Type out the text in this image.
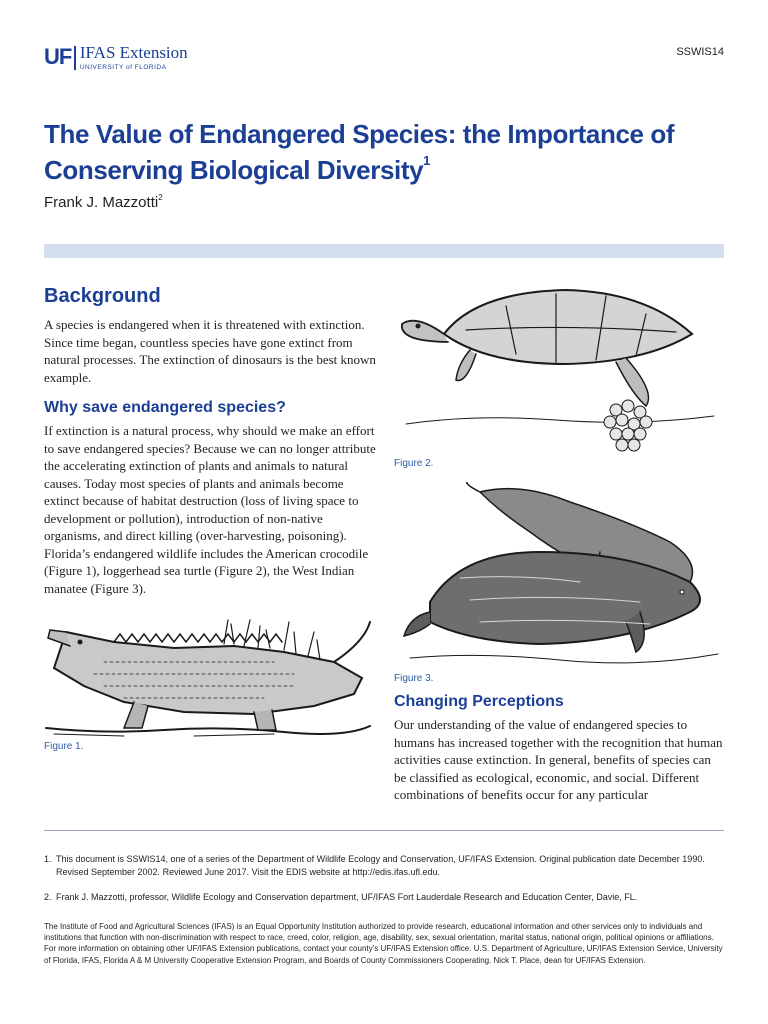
UF IFAS Extension
UNIVERSITY of FLORIDA
SSWIS14
The Value of Endangered Species: the Importance of Conserving Biological Diversity$^1$
Frank J. Mazzotti$^2$
Background

A species is endangered when it is threatened with extinction. Since time began, countless species have gone extinct from natural processes. The extinction of dinosaurs is the best known example.

Why save endangered species?

If extinction is a natural process, why should we make an effort to save endangered species? Because we can no longer attribute the accelerating extinction of plants and animals to natural causes. Today most species of plants and animals become extinct because of habitat destruction (loss of living space to development or pollution), introduction of non-native organisms, and direct killing (over-harvesting, poisoning). Florida’s endangered wildlife includes the American crocodile (Figure 1), loggerhead sea turtle (Figure 2), the West Indian manatee (Figure 3).

Figure 1.
Figure 2.
Figure 3.
Changing Perceptions

Our understanding of the value of endangered species to humans has increased together with the recognition that human activities cause extinction. In general, benefits of species can be classified as ecological, economic, and social. Different combinations of benefits occur for any particular

1. This document is SSWIS14, one of a series of the Department of Wildlife Ecology and Conservation, UF/IFAS Extension. Original publication date December 1990. Revised September 2002. Reviewed June 2017. Visit the EDIS website at http://edis.ifas.ufl.edu.
2. Frank J. Mazzotti, professor, Wildlife Ecology and Conservation department, UF/IFAS Fort Lauderdale Research and Education Center, Davie, FL.
The Institute of Food and Agricultural Sciences (IFAS) is an Equal Opportunity Institution authorized to provide research, educational information and other services only to individuals and institutions that function with non-discrimination with respect to race, creed, color, religion, age, disability, sex, sexual orientation, marital status, national origin, political opinions or affiliations. For more information on obtaining other UF/IFAS Extension publications, contact your county’s UF/IFAS Extension office. U.S. Department of Agriculture, UF/IFAS Extension Service, University of Florida, IFAS, Florida A & M University Cooperative Extension Program, and Boards of County Commissioners Cooperating. Nick T. Place, dean for UF/IFAS Extension.
